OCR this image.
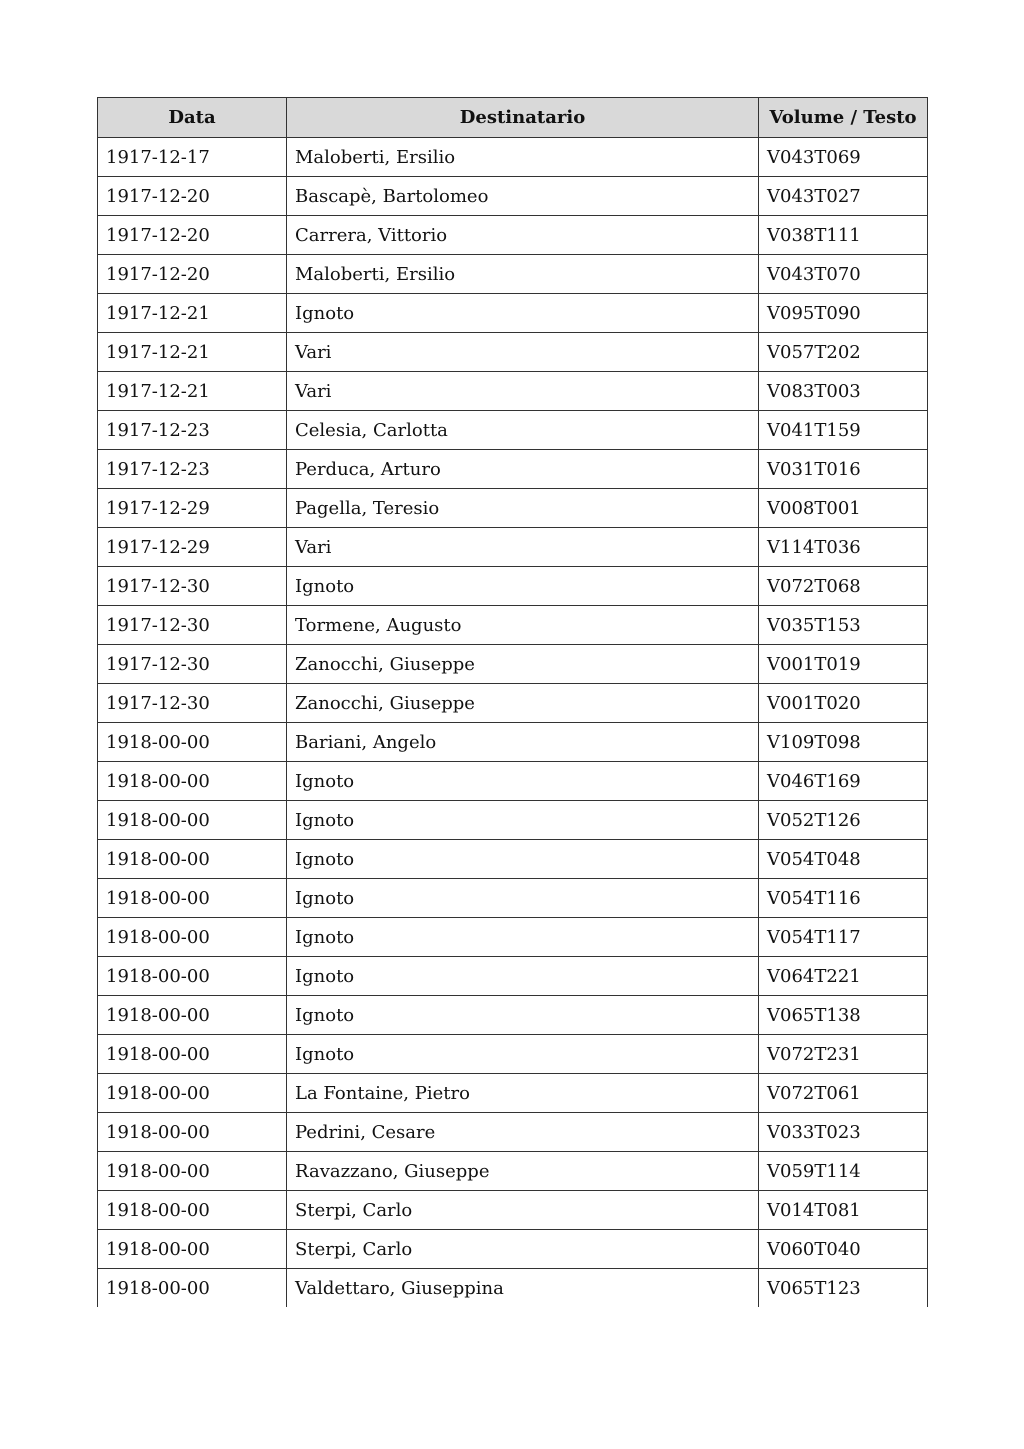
Data	Destinatario	Volume / Testo
1917-12-17	Maloberti, Ersilio	V043T069
1917-12-20	Bascapè, Bartolomeo	V043T027
1917-12-20	Carrera, Vittorio	V038T111
1917-12-20	Maloberti, Ersilio	V043T070
1917-12-21	Ignoto	V095T090
1917-12-21	Vari	V057T202
1917-12-21	Vari	V083T003
1917-12-23	Celesia, Carlotta	V041T159
1917-12-23	Perduca, Arturo	V031T016
1917-12-29	Pagella, Teresio	V008T001
1917-12-29	Vari	V114T036
1917-12-30	Ignoto	V072T068
1917-12-30	Tormene, Augusto	V035T153
1917-12-30	Zanocchi, Giuseppe	V001T019
1917-12-30	Zanocchi, Giuseppe	V001T020
1918-00-00	Bariani, Angelo	V109T098
1918-00-00	Ignoto	V046T169
1918-00-00	Ignoto	V052T126
1918-00-00	Ignoto	V054T048
1918-00-00	Ignoto	V054T116
1918-00-00	Ignoto	V054T117
1918-00-00	Ignoto	V064T221
1918-00-00	Ignoto	V065T138
1918-00-00	Ignoto	V072T231
1918-00-00	La Fontaine, Pietro	V072T061
1918-00-00	Pedrini, Cesare	V033T023
1918-00-00	Ravazzano, Giuseppe	V059T114
1918-00-00	Sterpi, Carlo	V014T081
1918-00-00	Sterpi, Carlo	V060T040
1918-00-00	Valdettaro, Giuseppina	V065T123
